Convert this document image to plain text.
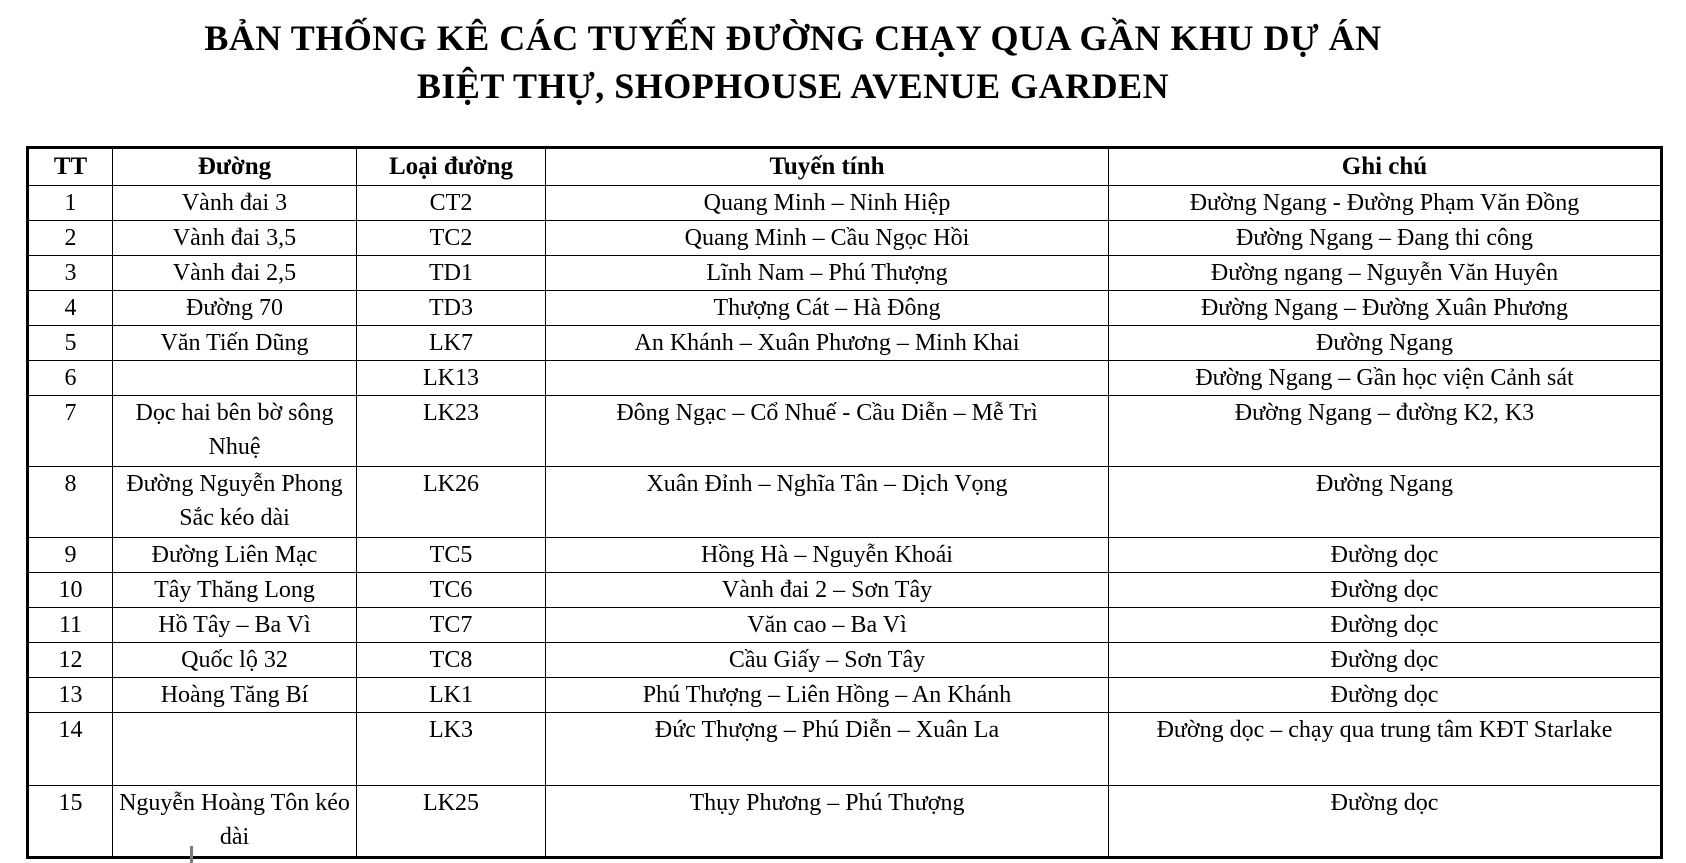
BẢN THỐNG KÊ CÁC TUYẾN ĐƯỜNG CHẠY QUA GẦN KHU DỰ ÁN
BIỆT THỰ, SHOPHOUSE AVENUE GARDEN
TT	Đường	Loại đường	Tuyến tính	Ghi chú
1	Vành đai 3	CT2	Quang Minh – Ninh Hiệp	Đường Ngang - Đường Phạm Văn Đồng
2	Vành đai 3,5	TC2	Quang Minh – Cầu Ngọc Hồi	Đường Ngang – Đang thi công
3	Vành đai 2,5	TD1	Lĩnh Nam – Phú Thượng	Đường ngang – Nguyễn Văn Huyên
4	Đường 70	TD3	Thượng Cát – Hà Đông	Đường Ngang – Đường Xuân Phương
5	Văn Tiến Dũng	LK7	An Khánh – Xuân Phương – Minh Khai	Đường Ngang
6		LK13		Đường Ngang – Gần học viện Cảnh sát
7	Dọc hai bên bờ sông Nhuệ	LK23	Đông Ngạc – Cổ Nhuế - Cầu Diễn – Mễ Trì	Đường Ngang – đường K2, K3
8	Đường Nguyễn Phong Sắc kéo dài	LK26	Xuân Đỉnh – Nghĩa Tân – Dịch Vọng	Đường Ngang
9	Đường Liên Mạc	TC5	Hồng Hà – Nguyễn Khoái	Đường dọc
10	Tây Thăng Long	TC6	Vành đai 2 – Sơn Tây	Đường dọc
11	Hồ Tây – Ba Vì	TC7	Văn cao – Ba Vì	Đường dọc
12	Quốc lộ 32	TC8	Cầu Giấy – Sơn Tây	Đường dọc
13	Hoàng Tăng Bí	LK1	Phú Thượng – Liên Hồng – An Khánh	Đường dọc
14		LK3	Đức Thượng – Phú Diễn – Xuân La	Đường dọc – chạy qua trung tâm KĐT Starlake
15	Nguyễn Hoàng Tôn kéo dài	LK25	Thụy Phương – Phú Thượng	Đường dọc
